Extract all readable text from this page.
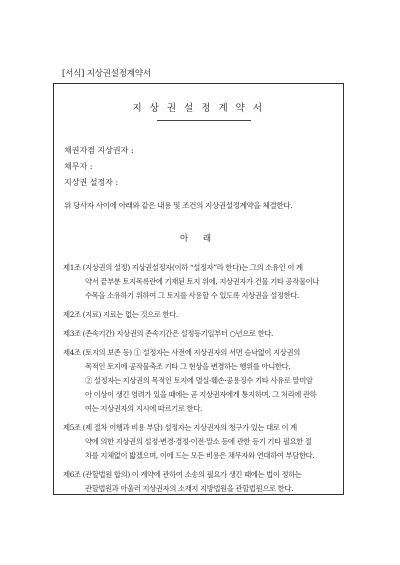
[서식] 지상권설정계약서
지 상 권 설 정 계 약 서
채권자겸 지상권자 :
채무자 :
지상권 설정자 :
위 당사자 사이에 아래와 같은 내용 및 조건의 지상권설정계약을 체결한다.
아 래
제1조 (지상권의 설정) 지상권설정자(이하 “설정자”라 한다)는 그의 소유인 이 계
약서 끝부분 토지목록란에 기재된 토지 위에, 지상권자가 건물 기타 공작물이나
수목을 소유하기 위하여 그 토지를 사용할 수 있도록 지상권을 설정한다.
제2조 (지료) 지료는 없는 것으로 한다.
제3조 (존속기간) 지상권의 존속기간은 설정등기일부터 ○년으로 한다.
제4조 (토지의 보존 등) ① 설정자는 사전에 지상권자의 서면 승낙없이 지상권의
목적인 토지에 공작물축조 기타 그 현상을 변경하는 행위를 아니한다.
② 설정자는 지상권의 목적인 토지에 멸실·훼손·공용징수 기타 사유로 말미암
아 이상이 생긴 염려가 있을 때에는 곧 지상권자에게 통지하며, 그 처리에 관하
여는 지상권자의 지시에 따르기로 한다.
제5조 (제 절차 이행과 비용 부담) 설정자는 지상권자의 청구가 있는 대로 이 계
약에 의한 지상권의 설정·변경·경정·이전·말소 등에 관한 등기 기타 필요한 절
차를 지체없이 밟겠으며, 이에 드는 모든 비용은 채무자와 연대하여 부담한다.
제6조 (관할법원 합의) 이 계약에 관하여 소송의 필요가 생긴 때에는 법이 정하는
관할법원과 아울러 지상권자의 소재지 지방법원을 관할법원으로 한다.
